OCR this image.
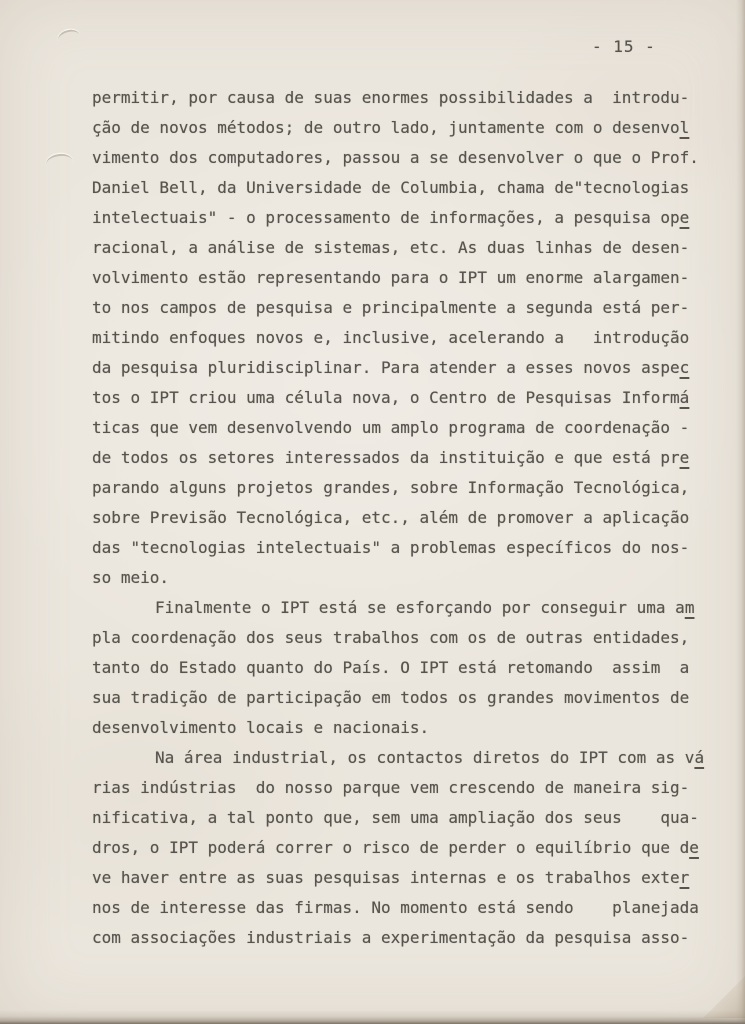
- 15 -
permitir, por causa de suas enormes possibilidades a  introdu-
ção de novos métodos; de outro lado, juntamente com o desenvol
vimento dos computadores, passou a se desenvolver o que o Prof.
Daniel Bell, da Universidade de Columbia, chama de"tecnologias
intelectuais" - o processamento de informações, a pesquisa ope
racional, a análise de sistemas, etc. As duas linhas de desen-
volvimento estão representando para o IPT um enorme alargamen-
to nos campos de pesquisa e principalmente a segunda está per-
mitindo enfoques novos e, inclusive, acelerando a   introdução
da pesquisa pluridisciplinar. Para atender a esses novos aspec
tos o IPT criou uma célula nova, o Centro de Pesquisas Informá
ticas que vem desenvolvendo um amplo programa de coordenação -
de todos os setores interessados da instituição e que está pre
parando alguns projetos grandes, sobre Informação Tecnológica,
sobre Previsão Tecnológica, etc., além de promover a aplicação
das "tecnologias intelectuais" a problemas específicos do nos-
so meio.
Finalmente o IPT está se esforçando por conseguir uma am
pla coordenação dos seus trabalhos com os de outras entidades,
tanto do Estado quanto do País. O IPT está retomando  assim  a
sua tradição de participação em todos os grandes movimentos de
desenvolvimento locais e nacionais.
Na área industrial, os contactos diretos do IPT com as vá
rias indústrias  do nosso parque vem crescendo de maneira sig-
nificativa, a tal ponto que, sem uma ampliação dos seus    qua-
dros, o IPT poderá correr o risco de perder o equilíbrio que de
ve haver entre as suas pesquisas internas e os trabalhos exter
nos de interesse das firmas. No momento está sendo    planejada
com associações industriais a experimentação da pesquisa asso-
